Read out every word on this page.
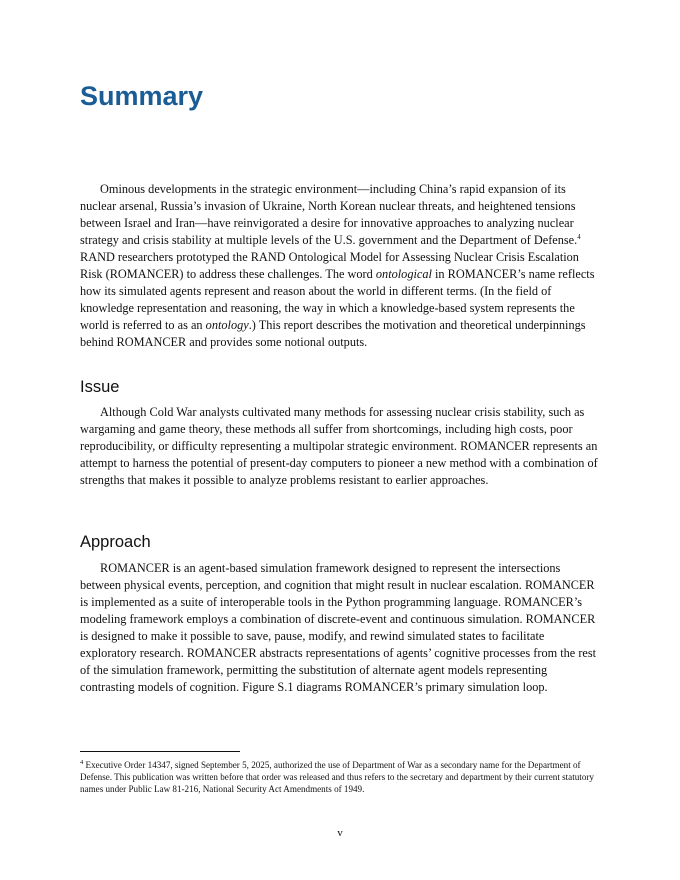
Summary

Ominous developments in the strategic environment—including China’s rapid expansion of its nuclear arsenal, Russia’s invasion of Ukraine, North Korean nuclear threats, and heightened tensions between Israel and Iran—have reinvigorated a desire for innovative approaches to analyzing nuclear strategy and crisis stability at multiple levels of the U.S. government and the Department of Defense.$^4$ RAND researchers prototyped the RAND Ontological Model for Assessing Nuclear Crisis Escalation Risk (ROMANCER) to address these challenges. The word ontological in ROMANCER’s name reflects how its simulated agents represent and reason about the world in different terms. (In the field of knowledge representation and reasoning, the way in which a knowledge-based system represents the world is referred to as an ontology.) This report describes the motivation and theoretical underpinnings behind ROMANCER and provides some notional outputs.

Issue

Although Cold War analysts cultivated many methods for assessing nuclear crisis stability, such as wargaming and game theory, these methods all suffer from shortcomings, including high costs, poor reproducibility, or difficulty representing a multipolar strategic environment. ROMANCER represents an attempt to harness the potential of present-day computers to pioneer a new method with a combination of strengths that makes it possible to analyze problems resistant to earlier approaches.

Approach

ROMANCER is an agent-based simulation framework designed to represent the intersections between physical events, perception, and cognition that might result in nuclear escalation. ROMANCER is implemented as a suite of interoperable tools in the Python programming language. ROMANCER’s modeling framework employs a combination of discrete-event and continuous simulation. ROMANCER is designed to make it possible to save, pause, modify, and rewind simulated states to facilitate exploratory research. ROMANCER abstracts representations of agents’ cognitive processes from the rest of the simulation framework, permitting the substitution of alternate agent models representing contrasting models of cognition. Figure S.1 diagrams ROMANCER’s primary simulation loop.

$^4$ Executive Order 14347, signed September 5, 2025, authorized the use of Department of War as a secondary name for the Department of Defense. This publication was written before that order was released and thus refers to the secretary and department by their current statutory names under Public Law 81-216, National Security Act Amendments of 1949.

v
